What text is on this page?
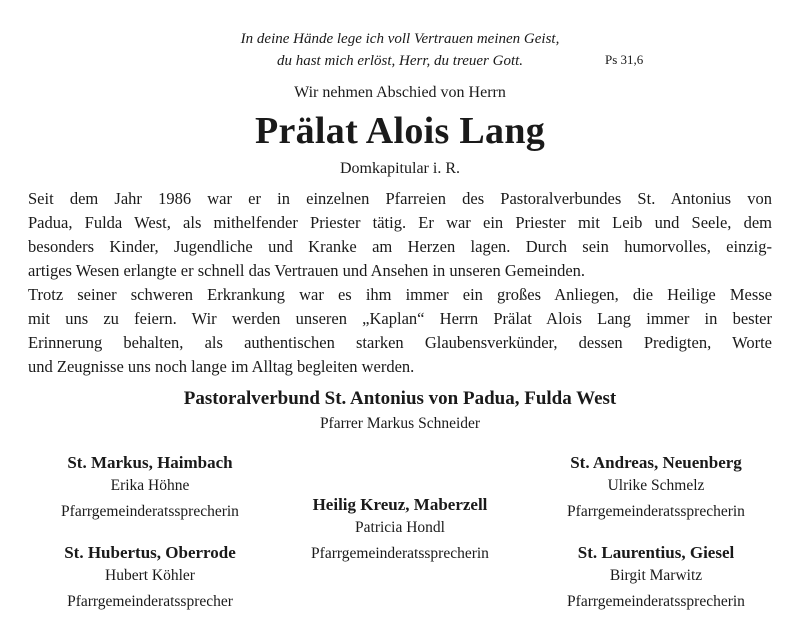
In deine Hände lege ich voll Vertrauen meinen Geist,
du hast mich erlöst, Herr, du treuer Gott.	Ps 31,6
Wir nehmen Abschied von Herrn
Prälat Alois Lang
Domkapitular i. R.

Seit dem Jahr 1986 war er in einzelnen Pfarreien des Pastoralverbundes St. Antonius von
Padua, Fulda West, als mithelfender Priester tätig. Er war ein Priester mit Leib und Seele, dem
besonders Kinder, Jugendliche und Kranke am Herzen lagen. Durch sein humorvolles, einzig-
artiges Wesen erlangte er schnell das Vertrauen und Ansehen in unseren Gemeinden.
Trotz seiner schweren Erkrankung war es ihm immer ein großes Anliegen, die Heilige Messe
mit uns zu feiern. Wir werden unseren „Kaplan“ Herrn Prälat Alois Lang immer in bester
Erinnerung behalten, als authentischen starken Glaubensverkünder, dessen Predigten, Worte
und Zeugnisse uns noch lange im Alltag begleiten werden.

Pastoralverbund St. Antonius von Padua, Fulda West
Pfarrer Markus Schneider
St. Markus, Haimbach
Erika Höhne
Pfarrgemeinderatssprecherin
St. Hubertus, Oberrode
Hubert Köhler
Pfarrgemeinderatssprecher
Heilig Kreuz, Maberzell
Patricia Hondl
Pfarrgemeinderatssprecherin
St. Andreas, Neuenberg
Ulrike Schmelz
Pfarrgemeinderatssprecherin
St. Laurentius, Giesel
Birgit Marwitz
Pfarrgemeinderatssprecherin
